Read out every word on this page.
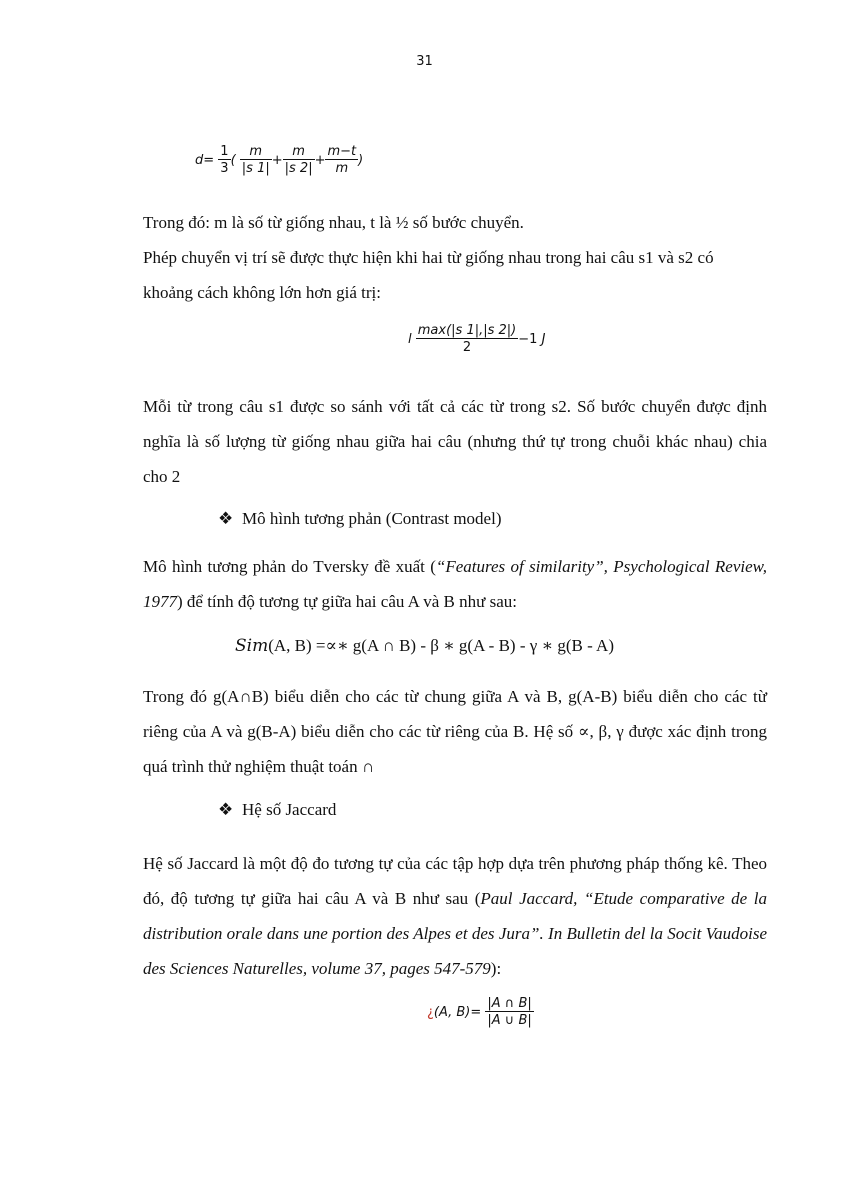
31
$d= \frac{1}{3}$ ( $\frac{m}{|s 1|} + \frac{m}{|s 2|} + \frac{m-t}{m}$ )

Trong đó: m là số từ giống nhau, t là ½ số bước chuyển.

Phép chuyển vị trí sẽ được thực hiện khi hai từ giống nhau trong hai câu s1 và s2 có khoảng cách không lớn hơn giá trị:

l $\frac{\max(|s 1|,|s 2|)}{2} -1$ J

Mỗi từ trong câu s1 được so sánh với tất cả các từ trong s2. Số bước chuyển được định nghĩa là số lượng từ giống nhau giữa hai câu (nhưng thứ tự trong chuỗi khác nhau) chia cho 2

❖ Mô hình tương phản (Contrast model)

Mô hình tương phản do Tversky đề xuất (“Features of similarity”, Psychological Review, 1977) để tính độ tương tự giữa hai câu A và B như sau:

Sim(A, B) =∝∗ g(A ∩ B) - β ∗ g(A - B) - γ ∗ g(B - A)

Trong đó g(A∩B) biểu diễn cho các từ chung giữa A và B, g(A-B) biểu diễn cho các từ riêng của A và g(B-A) biểu diễn cho các từ riêng của B. Hệ số ∝, β, γ được xác định trong quá trình thử nghiệm thuật toán ∩

❖ Hệ số Jaccard

Hệ số Jaccard là một độ đo tương tự của các tập hợp dựa trên phương pháp thống kê. Theo đó, độ tương tự giữa hai câu A và B như sau (Paul Jaccard, “Etude comparative de la distribution orale dans une portion des Alpes et des Jura”. In Bulletin del la Socit Vaudoise des Sciences Naturelles, volume 37, pages 547-579):

¿(A, $B)= \frac{|A \cap B|}{|A \cup B|}$
